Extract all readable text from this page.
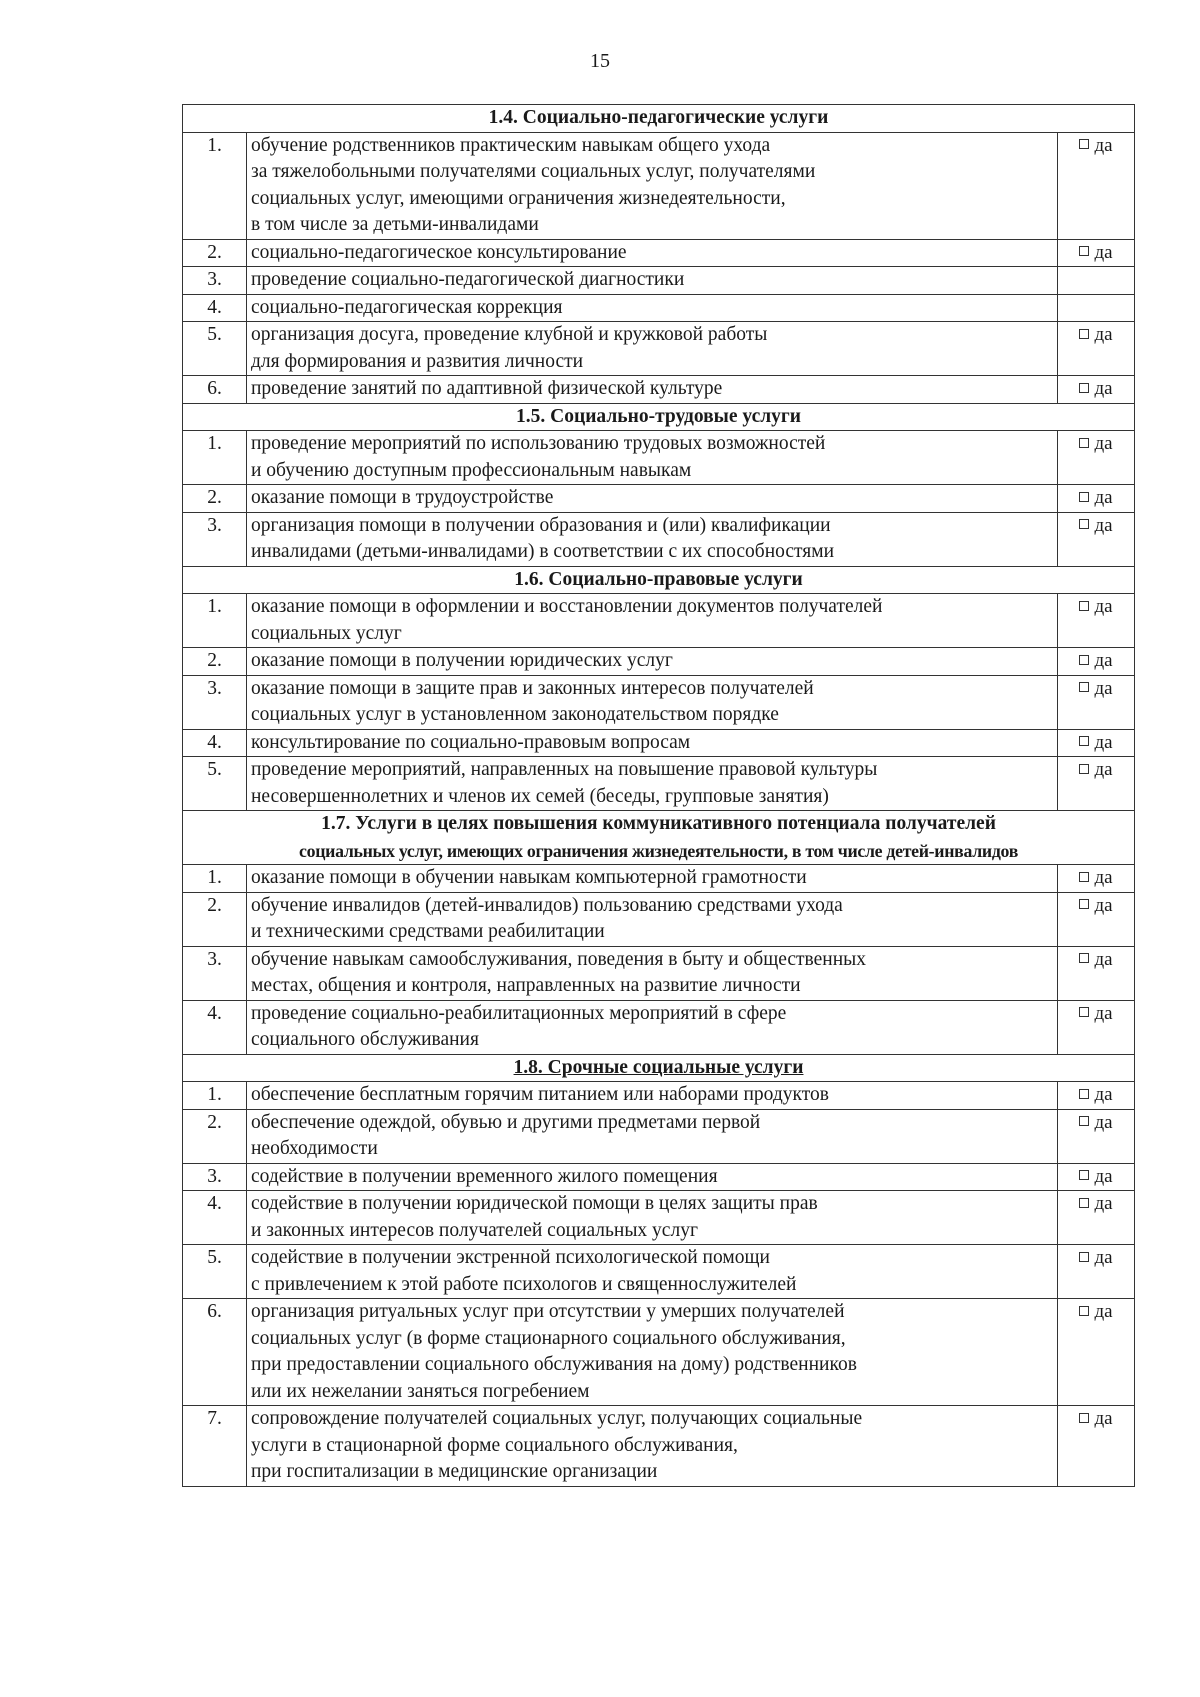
15
1.4. Социально-педагогические услуги		

1.	обучение родственников практическим навыкам общего ухода
за тяжелобольными получателями социальных услуг, получателями
социальных услуг, имеющими ограничения жизнедеятельности,
в том числе за детьми-инвалидами	да
2.	социально-педагогическое консультирование	да
3.	проведение социально-педагогической диагностики	

4.	социально-педагогическая коррекция	

5.	организация досуга, проведение клубной и кружковой работы
для формирования и развития личности	да
6.	проведение занятий по адаптивной физической культуре	да

1.5. Социально-трудовые услуги		

1.	проведение мероприятий по использованию трудовых возможностей
и обучению доступным профессиональным навыкам	да
2.	оказание помощи в трудоустройстве	да
3.	организация помощи в получении образования и (или) квалификации
инвалидами (детьми-инвалидами) в соответствии с их способностями	да

1.6. Социально-правовые услуги		

1.	оказание помощи в оформлении и восстановлении документов получателей
социальных услуг	да
2.	оказание помощи в получении юридических услуг	да
3.	оказание помощи в защите прав и законных интересов получателей
социальных услуг в установленном законодательством порядке	да
4.	консультирование по социально-правовым вопросам	да
5.	проведение мероприятий, направленных на повышение правовой культуры
несовершеннолетних и членов их семей (беседы, групповые занятия)	да

1.7. Услуги в целях повышения коммуникативного потенциала получателей
социальных услуг, имеющих ограничения жизнедеятельности, в том числе детей-инвалидов		

1.	оказание помощи в обучении навыкам компьютерной грамотности	да
2.	обучение инвалидов (детей-инвалидов) пользованию средствами ухода
и техническими средствами реабилитации	да
3.	обучение навыкам самообслуживания, поведения в быту и общественных
местах, общения и контроля, направленных на развитие личности	да
4.	проведение социально-реабилитационных мероприятий в сфере
социального обслуживания	да

1.8. Срочные социальные услуги		

1.	обеспечение бесплатным горячим питанием или наборами продуктов	да
2.	обеспечение одеждой, обувью и другими предметами первой
необходимости	да
3.	содействие в получении временного жилого помещения	да
4.	содействие в получении юридической помощи в целях защиты прав
и законных интересов получателей социальных услуг	да
5.	содействие в получении экстренной психологической помощи
с привлечением к этой работе психологов и священнослужителей	да
6.	организация ритуальных услуг при отсутствии у умерших получателей
социальных услуг (в форме стационарного социального обслуживания,
при предоставлении социального обслуживания на дому) родственников
или их нежелании заняться погребением	да
7.	сопровождение получателей социальных услуг, получающих социальные
услуги в стационарной форме социального обслуживания,
при госпитализации в медицинские организации	да
